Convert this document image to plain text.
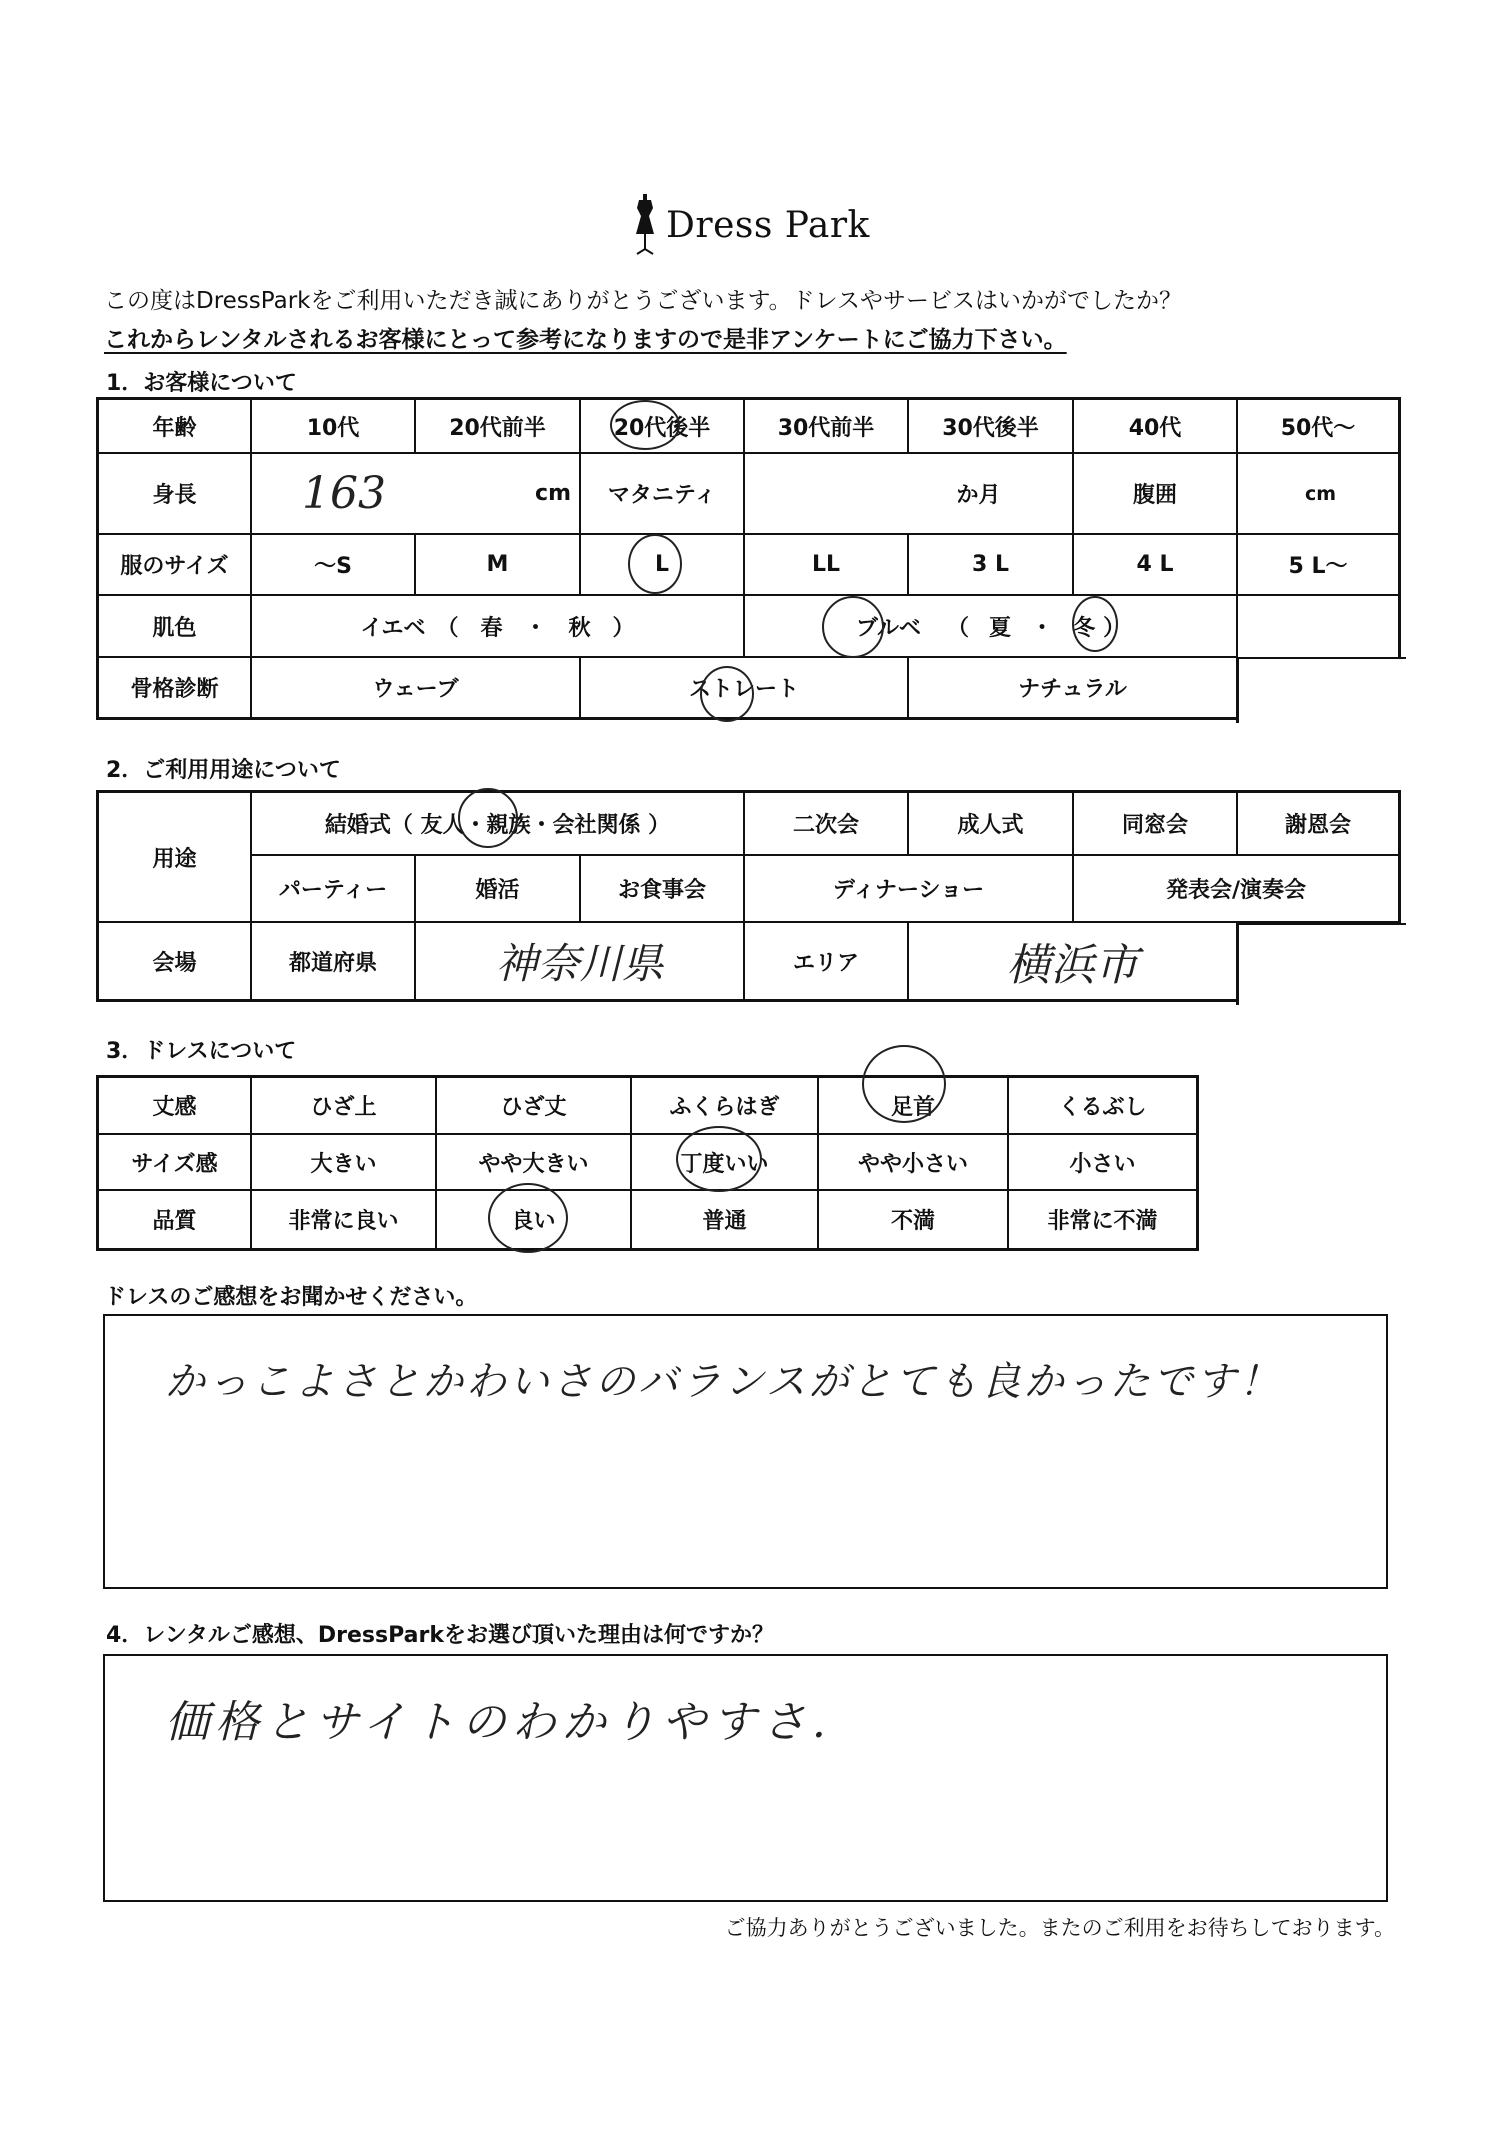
Dress Park
この度はDressParkをご利用いただき誠にありがとうございます。ドレスやサービスはいかがでしたか？
これからレンタルされるお客様にとって参考になりますので是非アンケートにご協力下さい。
1．お客様について
年齢	10代	20代前半	20代後半	30代前半	30代後半	40代	50代〜
身長	163	cm	マタニティ	か月	腹囲	cm
服のサイズ	〜S	M	L	LL	3 L	4 L	5 L〜
肌色	イエベ　（　春　・　秋　）	ブルベ （ 夏 ・ 冬 ）
骨格診断	ウェーブ	ストレート	ナチュラル
2．ご利用用途について
用途
結婚式（ 友人・親族・会社関係 ）	二次会	成人式	同窓会	謝恩会
パーティー	婚活	お食事会	ディナーショー	発表会/演奏会
会場	都道府県	神奈川県	エリア	横浜市
3．ドレスについて
丈感	ひざ上	ひざ丈	ふくらはぎ	足首	くるぶし
サイズ感	大きい	やや大きい	丁度いい	やや小さい	小さい
品質	非常に良い	良い	普通	不満	非常に不満
ドレスのご感想をお聞かせください。
かっこよさとかわいさのバランスがとても良かったです！
4．レンタルご感想、DressParkをお選び頂いた理由は何ですか？
価格とサイトのわかりやすさ.
ご協力ありがとうございました。またのご利用をお待ちしております。
